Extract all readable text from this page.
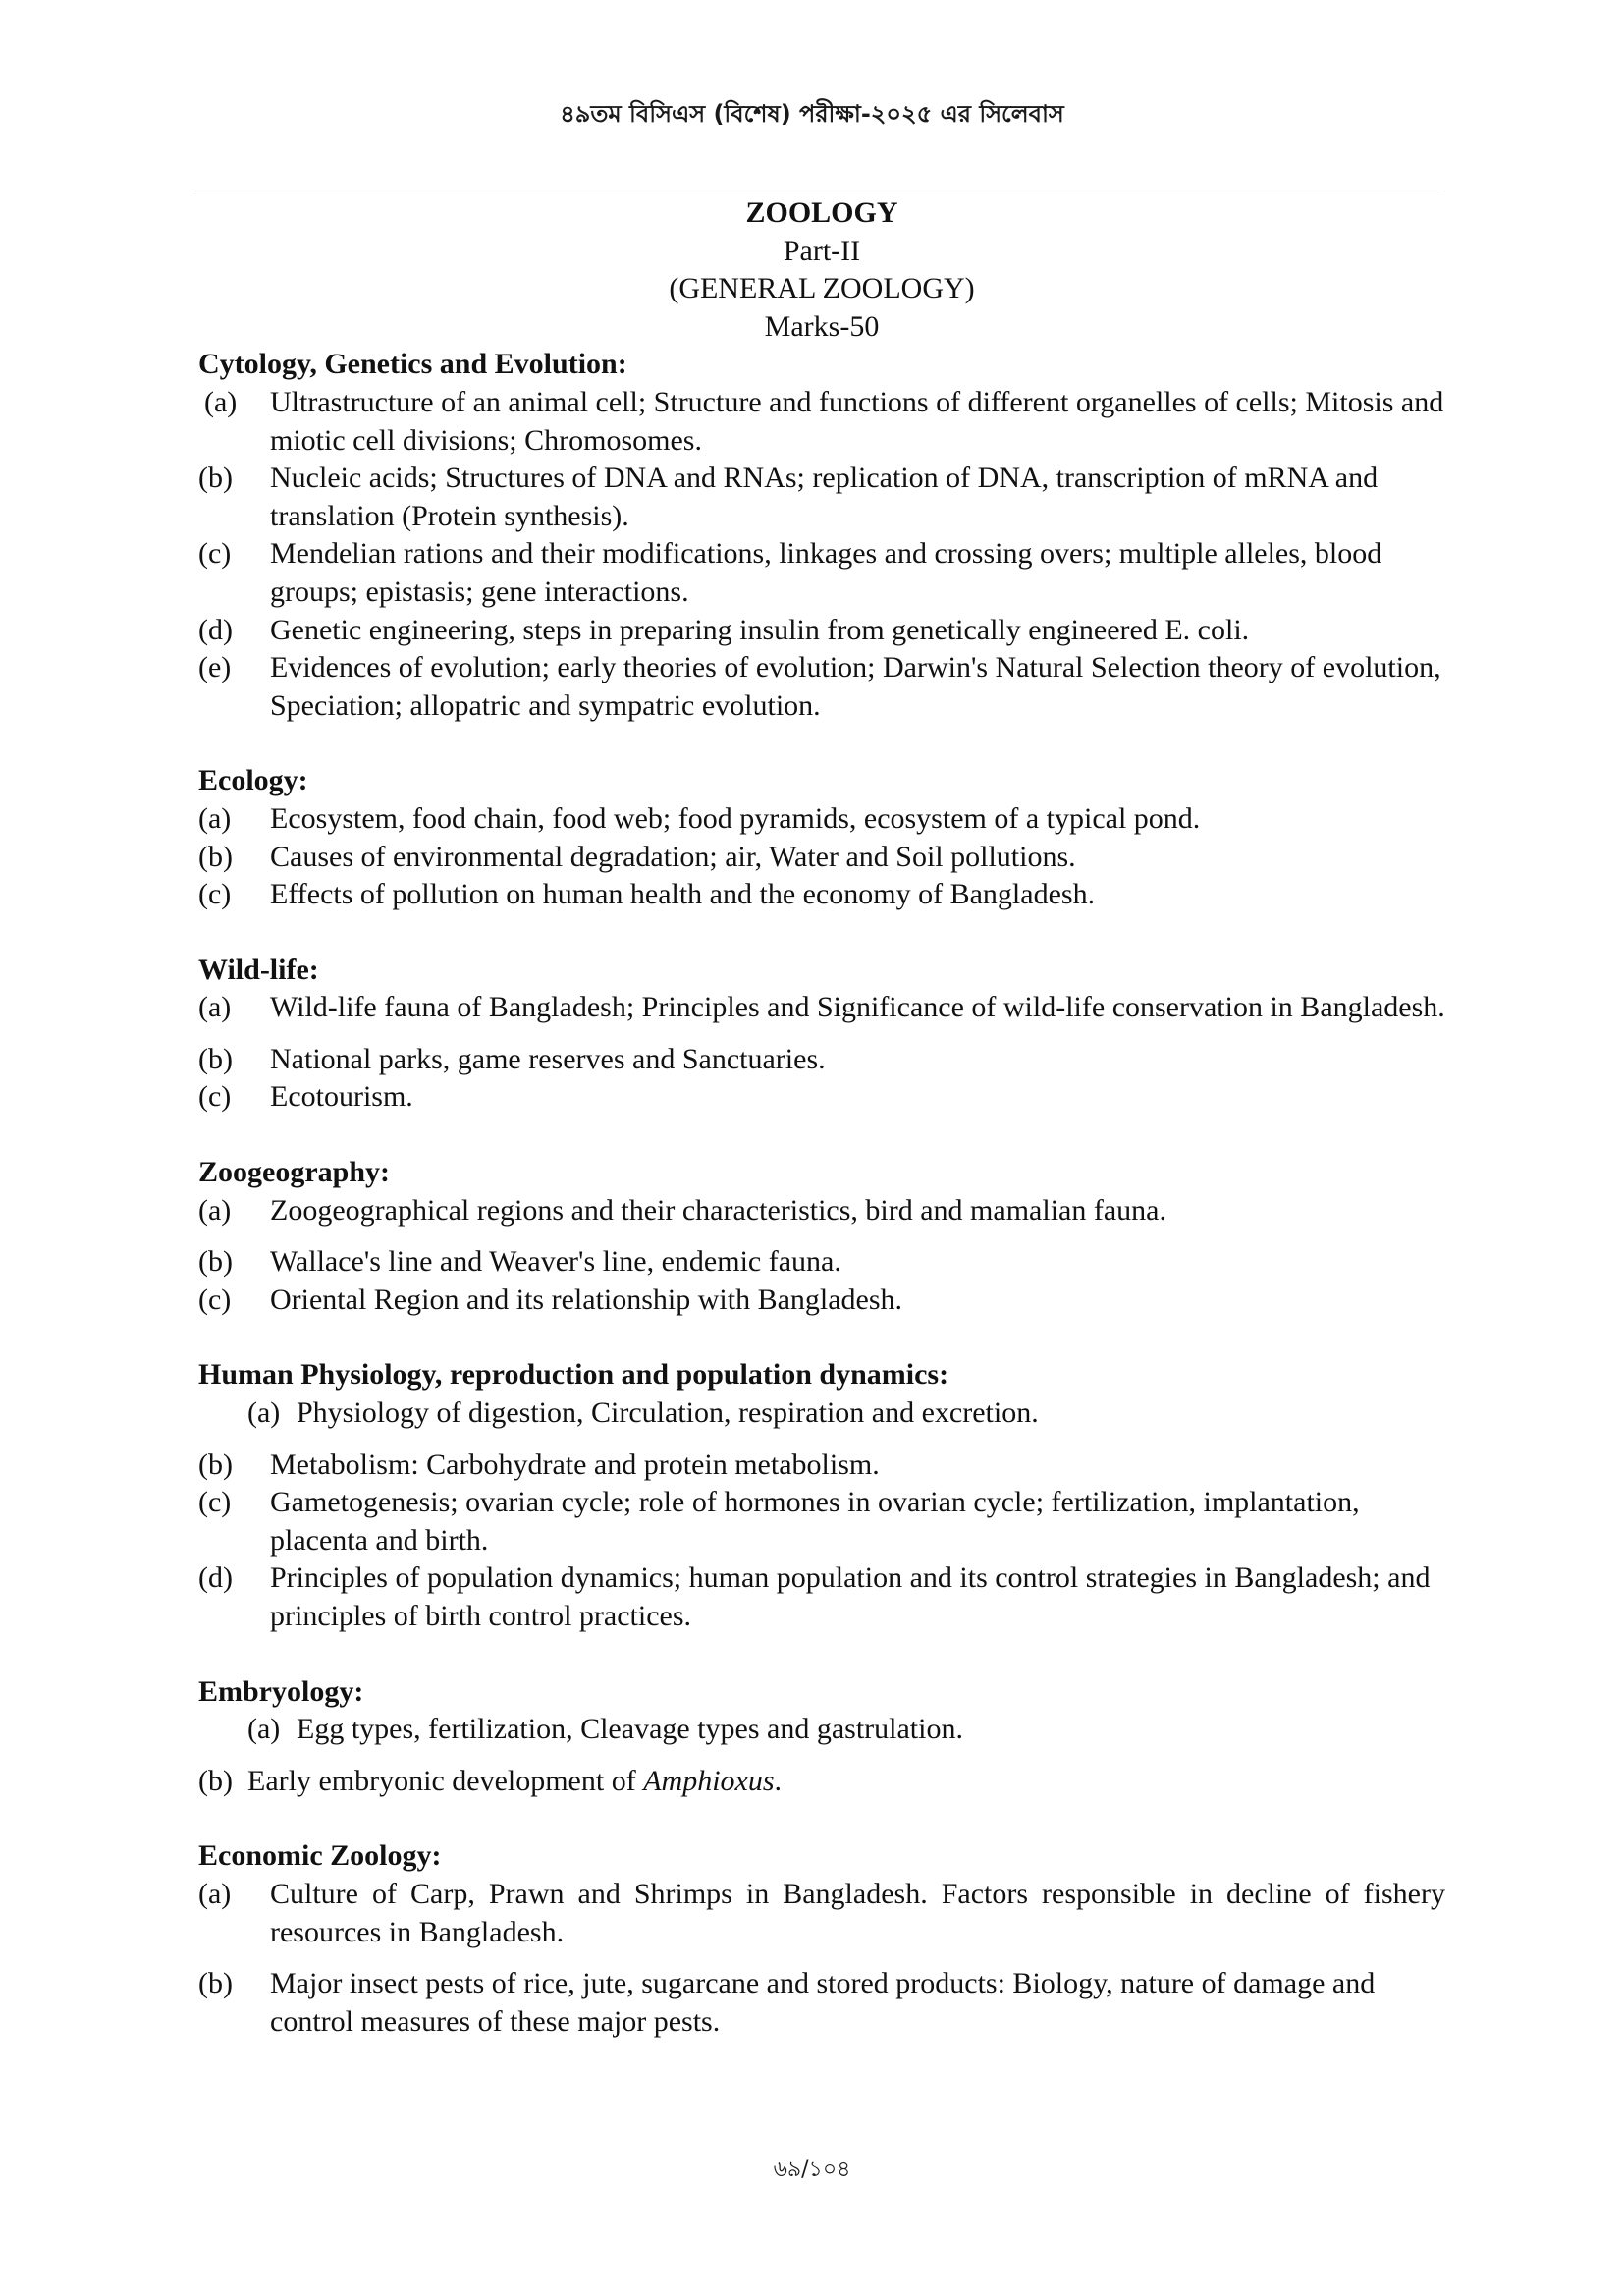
৪৯তম বিসিএস (বিশেষ) পরীক্ষা-২০২৫ এর সিলেবাস
ZOOLOGY
Part-II
(GENERAL ZOOLOGY)
Marks-50
Cytology, Genetics and Evolution:
(a)	Ultrastructure of an animal cell; Structure and functions of different organelles of cells; Mitosis and miotic cell divisions; Chromosomes.
(b)	Nucleic acids; Structures of DNA and RNAs; replication of DNA, transcription of mRNA and translation (Protein synthesis).
(c)	Mendelian rations and their modifications, linkages and crossing overs; multiple alleles, blood groups; epistasis; gene interactions.
(d)	Genetic engineering, steps in preparing insulin from genetically engineered E. coli.
(e)	Evidences of evolution; early theories of evolution; Darwin's Natural Selection theory of evolution, Speciation; allopatric and sympatric evolution.
Ecology:
(a)	Ecosystem, food chain, food web; food pyramids, ecosystem of a typical pond.
(b)	Causes of environmental degradation; air, Water and Soil pollutions.
(c)	Effects of pollution on human health and the economy of Bangladesh.
Wild-life:
(a)	Wild-life fauna of Bangladesh; Principles and Significance of wild-life conservation in Bangladesh.
(b)	National parks, game reserves and Sanctuaries.
(c)	Ecotourism.
Zoogeography:
(a)	Zoogeographical regions and their characteristics, bird and mamalian fauna.
(b)	Wallace's line and Weaver's line, endemic fauna.
(c)	Oriental Region and its relationship with Bangladesh.
Human Physiology, reproduction and population dynamics:
(a) Physiology of digestion, Circulation, respiration and excretion.
(b)	Metabolism: Carbohydrate and protein metabolism.
(c)	Gametogenesis; ovarian cycle; role of hormones in ovarian cycle; fertilization, implantation, placenta and birth.
(d)	Principles of population dynamics; human population and its control strategies in Bangladesh; and principles of birth control practices.
Embryology:
(a) Egg types, fertilization, Cleavage types and gastrulation.
(b) Early embryonic development of Amphioxus.
Economic Zoology:
(a)	Culture of Carp, Prawn and Shrimps in Bangladesh. Factors responsible in decline of fishery resources in Bangladesh.
(b)	Major insect pests of rice, jute, sugarcane and stored products: Biology, nature of damage and control measures of these major pests.
৬৯/১০৪
